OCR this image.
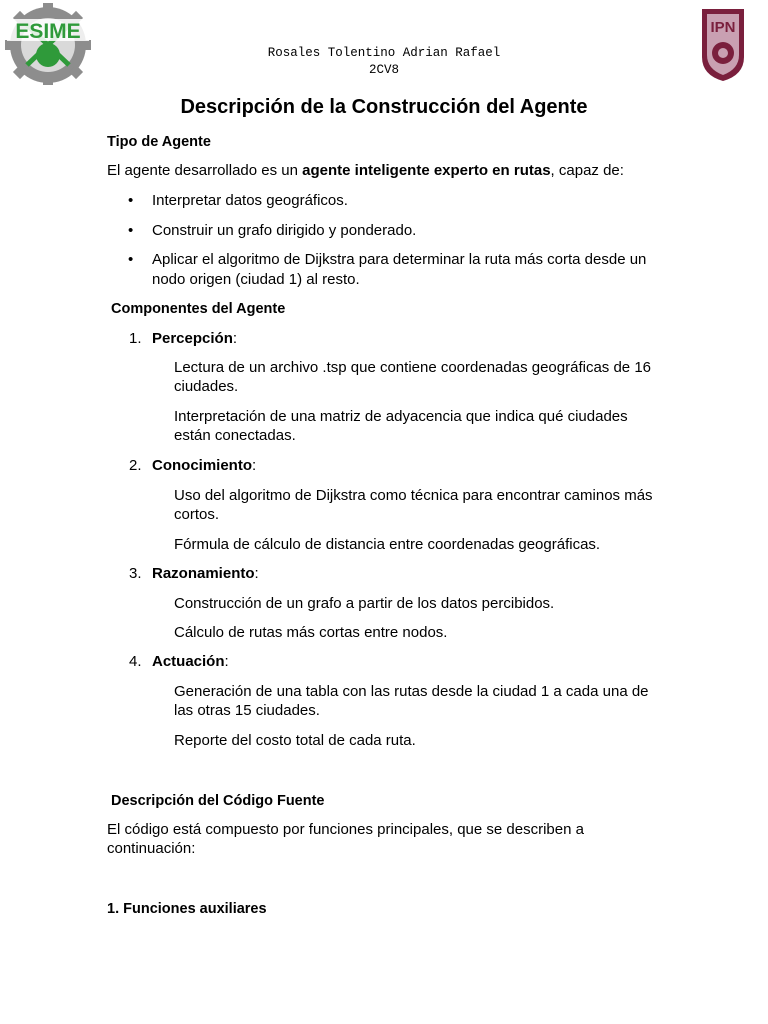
ESIME	IPN
Rosales Tolentino Adrian Rafael
2CV8
Descripción de la Construcción del Agente
Tipo de Agente
El agente desarrollado es un agente inteligente experto en rutas, capaz de:
• Interpretar datos geográficos.
• Construir un grafo dirigido y ponderado.
• Aplicar el algoritmo de Dijkstra para determinar la ruta más corta desde un
nodo origen (ciudad 1) al resto.
Componentes del Agente
1. Percepción:
Lectura de un archivo .tsp que contiene coordenadas geográficas de 16
ciudades.
Interpretación de una matriz de adyacencia que indica qué ciudades
están conectadas.
2. Conocimiento:
Uso del algoritmo de Dijkstra como técnica para encontrar caminos más
cortos.
Fórmula de cálculo de distancia entre coordenadas geográficas.
3. Razonamiento:
Construcción de un grafo a partir de los datos percibidos.
Cálculo de rutas más cortas entre nodos.
4. Actuación:
Generación de una tabla con las rutas desde la ciudad 1 a cada una de
las otras 15 ciudades.
Reporte del costo total de cada ruta.
Descripción del Código Fuente
El código está compuesto por funciones principales, que se describen a
continuación:
1. Funciones auxiliares
